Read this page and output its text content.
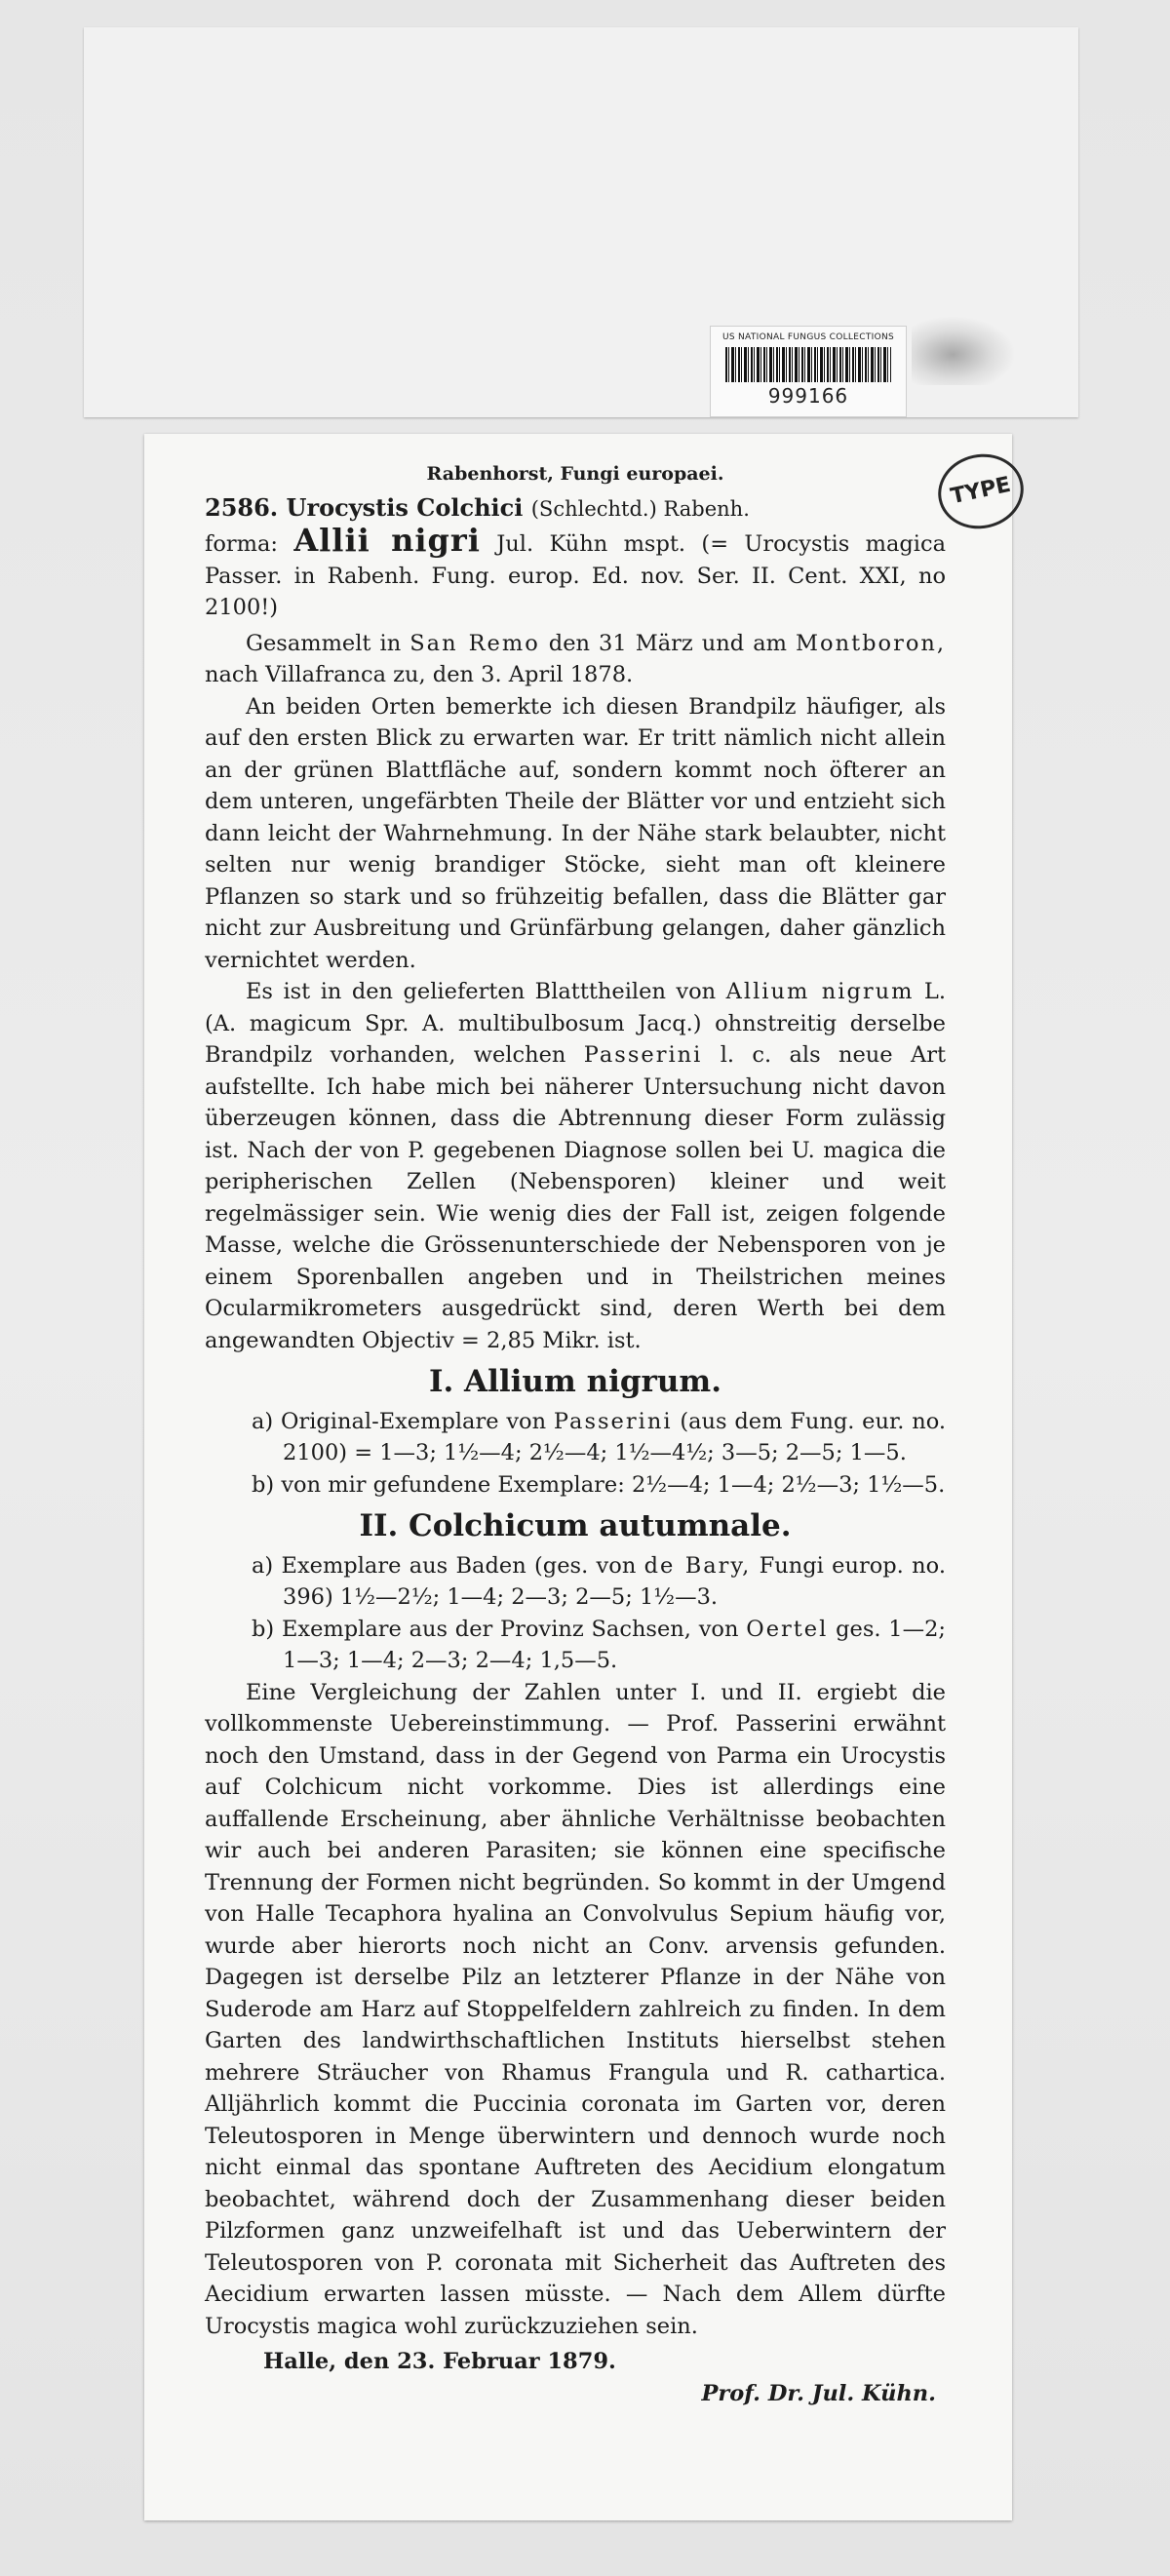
US NATIONAL FUNGUS COLLECTIONS
999166
TYPE
Rabenhorst, Fungi europaei.
2586. Urocystis Colchici (Schlechtd.) Rabenh.
forma: Allii nigri Jul. Kühn mspt. (= Urocystis magica Passer. in Rabenh. Fung. europ. Ed. nov. Ser. II. Cent. XXI, no 2100!)
Gesammelt in San Remo den 31 März und am Montboron, nach Villafranca zu, den 3. April 1878.
An beiden Orten bemerkte ich diesen Brandpilz häufiger, als auf den ersten Blick zu erwarten war. Er tritt nämlich nicht allein an der grünen Blattfläche auf, sondern kommt noch öfterer an dem unteren, ungefärbten Theile der Blätter vor und entzieht sich dann leicht der Wahrnehmung. In der Nähe stark belaubter, nicht selten nur wenig brandiger Stöcke, sieht man oft kleinere Pflanzen so stark und so frühzeitig befallen, dass die Blätter gar nicht zur Ausbreitung und Grünfärbung gelangen, daher gänzlich vernichtet werden.
Es ist in den gelieferten Blatttheilen von Allium nigrum L. (A. magicum Spr. A. multibulbosum Jacq.) ohnstreitig derselbe Brandpilz vorhanden, welchen Passerini l. c. als neue Art aufstellte. Ich habe mich bei näherer Untersuchung nicht davon überzeugen können, dass die Abtrennung dieser Form zulässig ist. Nach der von P. gegebenen Diagnose sollen bei U. magica die peripherischen Zellen (Nebensporen) kleiner und weit regelmässiger sein. Wie wenig dies der Fall ist, zeigen folgende Masse, welche die Grössenunterschiede der Nebensporen von je einem Sporenballen angeben und in Theilstrichen meines Ocularmikrometers ausgedrückt sind, deren Werth bei dem angewandten Objectiv = 2,85 Mikr. ist.
I. Allium nigrum.
a) Original-Exemplare von Passerini (aus dem Fung. eur. no. 2100) = 1—3; 1½—4; 2½—4; 1½—4½; 3—5; 2—5; 1—5.
b) von mir gefundene Exemplare: 2½—4; 1—4; 2½—3; 1½—5.
II. Colchicum autumnale.
a) Exemplare aus Baden (ges. von de Bary, Fungi europ. no. 396) 1½—2½; 1—4; 2—3; 2—5; 1½—3.
b) Exemplare aus der Provinz Sachsen, von Oertel ges. 1—2; 1—3; 1—4; 2—3; 2—4; 1,5—5.
Eine Vergleichung der Zahlen unter I. und II. ergiebt die vollkommenste Uebereinstimmung. — Prof. Passerini erwähnt noch den Umstand, dass in der Gegend von Parma ein Urocystis auf Colchicum nicht vorkomme. Dies ist allerdings eine auffallende Erscheinung, aber ähnliche Verhältnisse beobachten wir auch bei anderen Parasiten; sie können eine specifische Trennung der Formen nicht begründen. So kommt in der Umgend von Halle Tecaphora hyalina an Convolvulus Sepium häufig vor, wurde aber hierorts noch nicht an Conv. arvensis gefunden. Dagegen ist derselbe Pilz an letzterer Pflanze in der Nähe von Suderode am Harz auf Stoppelfeldern zahlreich zu finden. In dem Garten des landwirthschaftlichen Instituts hierselbst stehen mehrere Sträucher von Rhamus Frangula und R. cathartica. Alljährlich kommt die Puccinia coronata im Garten vor, deren Teleutosporen in Menge überwintern und dennoch wurde noch nicht einmal das spontane Auftreten des Aecidium elongatum beobachtet, während doch der Zusammenhang dieser beiden Pilzformen ganz unzweifelhaft ist und das Ueberwintern der Teleutosporen von P. coronata mit Sicherheit das Auftreten des Aecidium erwarten lassen müsste. — Nach dem Allem dürfte Urocystis magica wohl zurückzuziehen sein.
Halle, den 23. Februar 1879.
Prof. Dr. Jul. Kühn.
